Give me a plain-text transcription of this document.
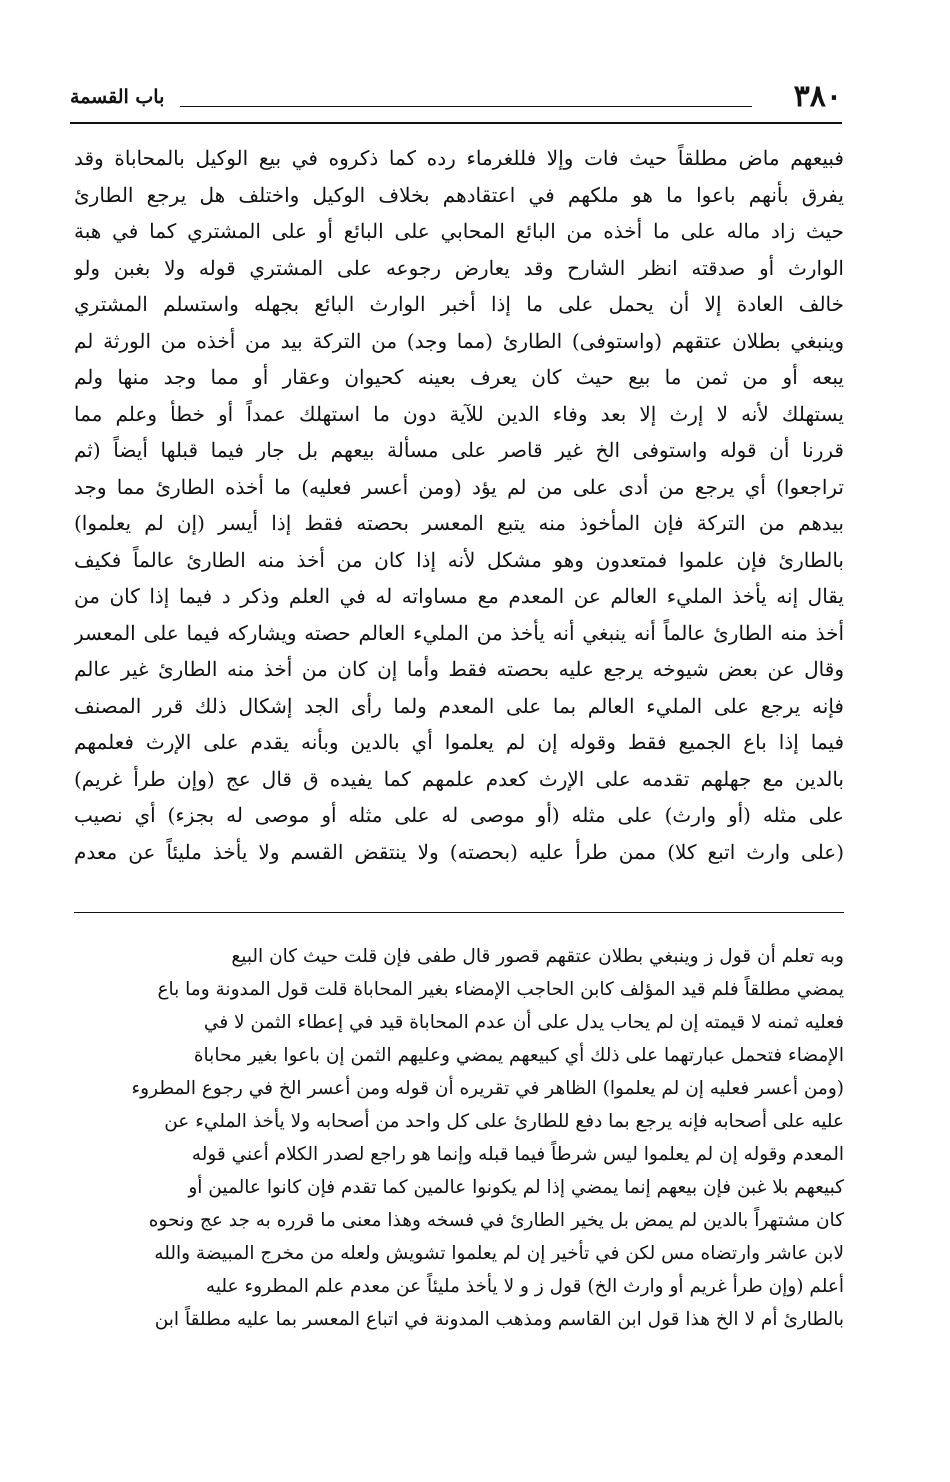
٣٨٠
باب القسمة
فبيعهم ماض مطلقاً حيث فات وإلا فللغرماء رده كما ذكروه في بيع الوكيل بالمحاباة وقد
يفرق بأنهم باعوا ما هو ملكهم في اعتقادهم بخلاف الوكيل واختلف هل يرجع الطارئ
حيث زاد ماله على ما أخذه من البائع المحابي على البائع أو على المشتري كما في هبة
الوارث أو صدقته انظر الشارح وقد يعارض رجوعه على المشتري قوله ولا بغبن ولو
خالف العادة إلا أن يحمل على ما إذا أخبر الوارث البائع بجهله واستسلم المشتري
وينبغي بطلان عتقهم (واستوفى) الطارئ (مما وجد) من التركة بيد من أخذه من الورثة لم
يبعه أو من ثمن ما بيع حيث كان يعرف بعينه كحيوان وعقار أو مما وجد منها ولم
يستهلك لأنه لا إرث إلا بعد وفاء الدين للآية دون ما استهلك عمداً أو خطأ وعلم مما
قررنا أن قوله واستوفى الخ غير قاصر على مسألة بيعهم بل جار فيما قبلها أيضاً (ثم
تراجعوا) أي يرجع من أدى على من لم يؤد (ومن أعسر فعليه) ما أخذه الطارئ مما وجد
بيدهم من التركة فإن المأخوذ منه يتبع المعسر بحصته فقط إذا أيسر (إن لم يعلموا)
بالطارئ فإن علموا فمتعدون وهو مشكل لأنه إذا كان من أخذ منه الطارئ عالماً فكيف
يقال إنه يأخذ المليء العالم عن المعدم مع مساواته له في العلم وذكر د فيما إذا كان من
أخذ منه الطارئ عالماً أنه ينبغي أنه يأخذ من المليء العالم حصته ويشاركه فيما على المعسر
وقال عن بعض شيوخه يرجع عليه بحصته فقط وأما إن كان من أخذ منه الطارئ غير عالم
فإنه يرجع على المليء العالم بما على المعدم ولما رأى الجد إشكال ذلك قرر المصنف
فيما إذا باع الجميع فقط وقوله إن لم يعلموا أي بالدين وبأنه يقدم على الإرث فعلمهم
بالدين مع جهلهم تقدمه على الإرث كعدم علمهم كما يفيده ق قال عج (وإن طرأ غريم)
على مثله (أو وارث) على مثله (أو موصى له على مثله أو موصى له بجزء) أي نصيب
(على وارث اتبع كلا) ممن طرأ عليه (بحصته) ولا ينتقض القسم ولا يأخذ مليئاً عن معدم
وبه تعلم أن قول ز وينبغي بطلان عتقهم قصور قال طفى فإن قلت حيث كان البيع
يمضي مطلقاً فلم قيد المؤلف كابن الحاجب الإمضاء بغير المحاباة قلت قول المدونة وما باع
فعليه ثمنه لا قيمته إن لم يحاب يدل على أن عدم المحاباة قيد في إعطاء الثمن لا في
الإمضاء فتحمل عبارتهما على ذلك أي كبيعهم يمضي وعليهم الثمن إن باعوا بغير محاباة
(ومن أعسر فعليه إن لم يعلموا) الظاهر في تقريره أن قوله ومن أعسر الخ في رجوع المطروء
عليه على أصحابه فإنه يرجع بما دفع للطارئ على كل واحد من أصحابه ولا يأخذ المليء عن
المعدم وقوله إن لم يعلموا ليس شرطاً فيما قبله وإنما هو راجع لصدر الكلام أعني قوله
كبيعهم بلا غبن فإن بيعهم إنما يمضي إذا لم يكونوا عالمين كما تقدم فإن كانوا عالمين أو
كان مشتهراً بالدين لم يمض بل يخير الطارئ في فسخه وهذا معنى ما قرره به جد عج ونحوه
لابن عاشر وارتضاه مس لكن في تأخير إن لم يعلموا تشويش ولعله من مخرج المبيضة والله
أعلم (وإن طرأ غريم أو وارث الخ) قول ز و لا يأخذ مليئاً عن معدم علم المطروء عليه
بالطارئ أم لا الخ هذا قول ابن القاسم ومذهب المدونة في اتباع المعسر بما عليه مطلقاً ابن
